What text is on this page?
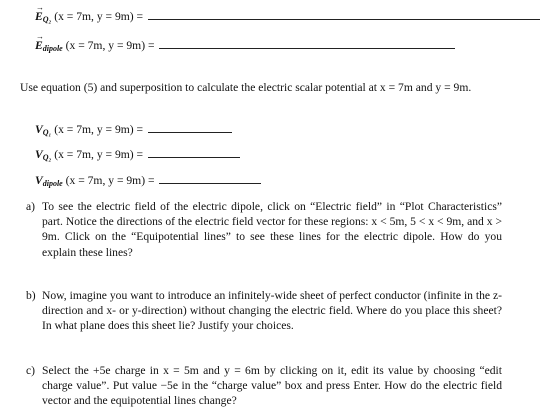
E
→
$_{Q_2}$ (x = 7m, y = 9m) =
E
→
$_{dipole}$ (x = 7m, y = 9m) =
Use equation (5) and superposition to calculate the electric scalar potential at x = 7m and y = 9m.
$V_{Q_1}$ (x = 7m, y = 9m) =
$V_{Q_2}$ (x = 7m, y = 9m) =
$V_{dipole}$ (x = 7m, y = 9m) =
a) To see the electric field of the electric dipole, click on “Electric field” in “Plot Characteristics” part. Notice the directions of the electric field vector for these regions: x < 5m, 5 < x < 9m, and x > 9m. Click on the “Equipotential lines” to see these lines for the electric dipole. How do you explain these lines?
b) Now, imagine you want to introduce an infinitely-wide sheet of perfect conductor (infinite in the z-direction and x- or y-direction) without changing the electric field. Where do you place this sheet? In what plane does this sheet lie? Justify your choices.
c) Select the +5e charge in x = 5m and y = 6m by clicking on it, edit its value by choosing “edit charge value”. Put value −5e in the “charge value” box and press Enter. How do the electric field vector and the equipotential lines change?
